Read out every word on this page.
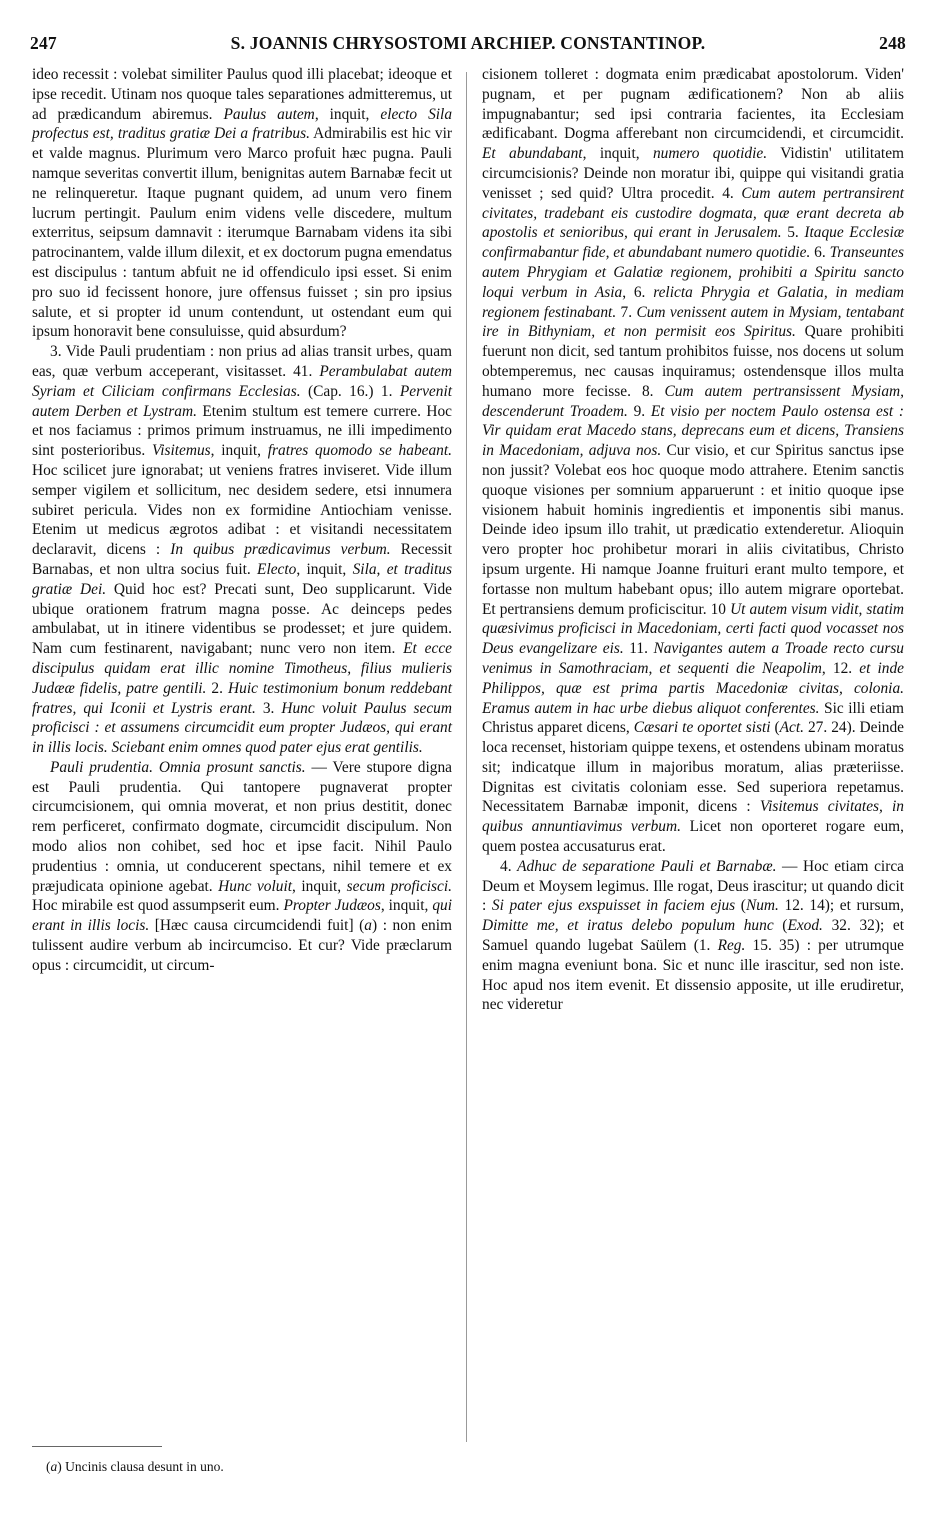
247	S. JOANNIS CHRYSOSTOMI ARCHIEP. CONSTANTINOP.	248

ideo recessit : volebat similiter Paulus quod illi placebat; ideoque et ipse recedit. Utinam nos quoque tales separationes admitteremus, ut ad prædicandum abiremus. Paulus autem, inquit, electo Sila profectus est, traditus gratiæ Dei a fratribus. Admirabilis est hic vir et valde magnus. Plurimum vero Marco profuit hæc pugna. Pauli namque severitas convertit illum, benignitas autem Barnabæ fecit ut ne relinqueretur. Itaque pugnant quidem, ad unum vero finem lucrum pertingit. Paulum enim videns velle discedere, multum exterritus, seipsum damnavit : iterumque Barnabam videns ita sibi patrocinantem, valde illum dilexit, et ex doctorum pugna emendatus est discipulus : tantum abfuit ne id offendiculo ipsi esset. Si enim pro suo id fecissent honore, jure offensus fuisset ; sin pro ipsius salute, et si propter id unum contendunt, ut ostendant eum qui ipsum honoravit bene consuluisse, quid absurdum?

3. Vide Pauli prudentiam : non prius ad alias transit urbes, quam eas, quæ verbum acceperant, visitasset. 41. Perambulabat autem Syriam et Ciliciam confirmans Ecclesias. (Cap. 16.) 1. Pervenit autem Derben et Lystram. Etenim stultum est temere currere. Hoc et nos faciamus : primos primum instruamus, ne illi impedimento sint posterioribus. Visitemus, inquit, fratres quomodo se habeant. Hoc scilicet jure ignorabat; ut veniens fratres inviseret. Vide illum semper vigilem et sollicitum, nec desidem sedere, etsi innumera subiret pericula. Vides non ex formidine Antiochiam venisse. Etenim ut medicus ægrotos adibat : et visitandi necessitatem declaravit, dicens : In quibus prædicavimus verbum. Recessit Barnabas, et non ultra socius fuit. Electo, inquit, Sila, et traditus gratiæ Dei. Quid hoc est? Precati sunt, Deo supplicarunt. Vide ubique orationem fratrum magna posse. Ac deinceps pedes ambulabat, ut in itinere videntibus se prodesset; et jure quidem. Nam cum festinarent, navigabant; nunc vero non item. Et ecce discipulus quidam erat illic nomine Timotheus, filius mulieris Judææ fidelis, patre gentili. 2. Huic testimonium bonum reddebant fratres, qui Iconii et Lystris erant. 3. Hunc voluit Paulus secum proficisci : et assumens circumcidit eum propter Judæos, qui erant in illis locis. Sciebant enim omnes quod pater ejus erat gentilis.

Pauli prudentia. Omnia prosunt sanctis. — Vere stupore digna est Pauli prudentia. Qui tantopere pugnaverat propter circumcisionem, qui omnia moverat, et non prius destitit, donec rem perficeret, confirmato dogmate, circumcidit discipulum. Non modo alios non cohibet, sed hoc et ipse facit. Nihil Paulo prudentius : omnia, ut conducerent spectans, nihil temere et ex præjudicata opinione agebat. Hunc voluit, inquit, secum proficisci. Hoc mirabile est quod assumpserit eum. Propter Judæos, inquit, qui erant in illis locis. [Hæc causa circumcidendi fuit] (a) : non enim tulissent audire verbum ab incircumciso. Et cur? Vide præclarum opus : circumcidit, ut circum-

cisionem tolleret : dogmata enim prædicabat apostolorum. Viden' pugnam, et per pugnam ædificationem? Non ab aliis impugnabantur; sed ipsi contraria facientes, ita Ecclesiam ædificabant. Dogma afferebant non circumcidendi, et circumcidit. Et abundabant, inquit, numero quotidie. Vidistin' utilitatem circumcisionis? Deinde non moratur ibi, quippe qui visitandi gratia venisset ; sed quid? Ultra procedit. 4. Cum autem pertransirent civitates, tradebant eis custodire dogmata, quæ erant decreta ab apostolis et senioribus, qui erant in Jerusalem. 5. Itaque Ecclesiæ confirmabantur fide, et abundabant numero quotidie. 6. Transeuntes autem Phrygiam et Galatiæ regionem, prohibiti a Spiritu sancto loqui verbum in Asia, 6. relicta Phrygia et Galatia, in mediam regionem festinabant. 7. Cum venissent autem in Mysiam, tentabant ire in Bithyniam, et non permisit eos Spiritus. Quare prohibiti fuerunt non dicit, sed tantum prohibitos fuisse, nos docens ut solum obtemperemus, nec causas inquiramus; ostendensque illos multa humano more fecisse. 8. Cum autem pertransissent Mysiam, descenderunt Troadem. 9. Et visio per noctem Paulo ostensa est : Vir quidam erat Macedo stans, deprecans eum et dicens, Transiens in Macedoniam, adjuva nos. Cur visio, et cur Spiritus sanctus ipse non jussit? Volebat eos hoc quoque modo attrahere. Etenim sanctis quoque visiones per somnium apparuerunt : et initio quoque ipse visionem habuit hominis ingredientis et imponentis sibi manus. Deinde ideo ipsum illo trahit, ut prædicatio extenderetur. Alioquin vero propter hoc prohibetur morari in aliis civitatibus, Christo ipsum urgente. Hi namque Joanne fruituri erant multo tempore, et fortasse non multum habebant opus; illo autem migrare oportebat. Et pertransiens demum proficiscitur. 10 Ut autem visum vidit, statim quæsivimus proficisci in Macedoniam, certi facti quod vocasset nos Deus evangelizare eis. 11. Navigantes autem a Troade recto cursu venimus in Samothraciam, et sequenti die Neapolim, 12. et inde Philippos, quæ est prima partis Macedoniæ civitas, colonia. Eramus autem in hac urbe diebus aliquot conferentes. Sic illi etiam Christus apparet dicens, Cæsari te oportet sisti (Act. 27. 24). Deinde loca recenset, historiam quippe texens, et ostendens ubinam moratus sit; indicatque illum in majoribus moratum, alias præteriisse. Dignitas est civitatis coloniam esse. Sed superiora repetamus. Necessitatem Barnabæ imponit, dicens : Visitemus civitates, in quibus annuntiavimus verbum. Licet non oporteret rogare eum, quem postea accusaturus erat.

4. Adhuc de separatione Pauli et Barnabæ. — Hoc etiam circa Deum et Moysem legimus. Ille rogat, Deus irascitur; ut quando dicit : Si pater ejus exspuisset in faciem ejus (Num. 12. 14); et rursum, Dimitte me, et iratus delebo populum hunc (Exod. 32. 32); et Samuel quando lugebat Saülem (1. Reg. 15. 35) : per utrumque enim magna eveniunt bona. Sic et nunc ille irascitur, sed non iste. Hoc apud nos item evenit. Et dissensio apposite, ut ille erudiretur, nec videretur

(a) Uncinis clausa desunt in uno.
